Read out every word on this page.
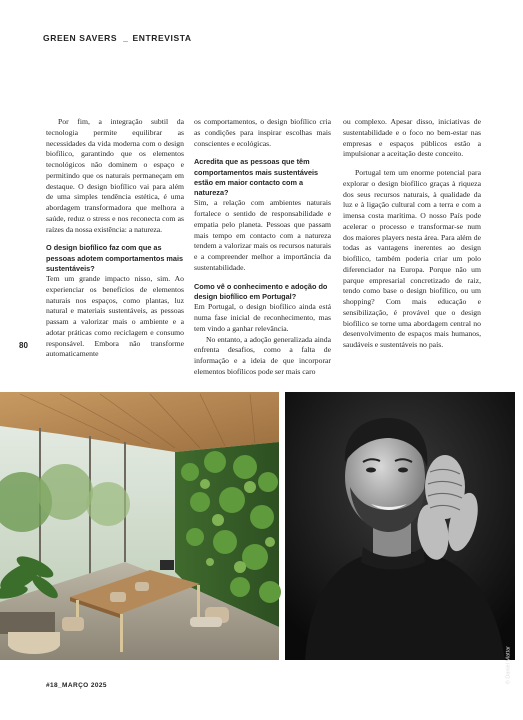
GREEN SAVERS _ ENTREVISTA
80

Por fim, a integração subtil da tecnologia permite equilibrar as necessidades da vida moderna com o design biofílico, garantindo que os elementos tecnológicos não dominem o espaço e permitindo que os naturais permaneçam em destaque. O design biofílico vai para além de uma simples tendência estética, é uma abordagem transformadora que melhora a saúde, reduz o stress e nos reconecta com as raízes da nossa existência: a natureza.

O design biofílico faz com que as pessoas adotem comportamentos mais sustentáveis?

Tem um grande impacto nisso, sim. Ao experienciar os benefícios de elementos naturais nos espaços, como plantas, luz natural e materiais sustentáveis, as pessoas passam a valorizar mais o ambiente e a adotar práticas como reciclagem e consumo responsável. Embora não transforme automaticamente

os comportamentos, o design biofílico cria as condições para inspirar escolhas mais conscientes e ecológicas.

Acredita que as pessoas que têm comportamentos mais sustentáveis estão em maior contacto com a natureza?

Sim, a relação com ambientes naturais fortalece o sentido de responsabilidade e empatia pelo planeta. Pessoas que passam mais tempo em contacto com a natureza tendem a valorizar mais os recursos naturais e a compreender melhor a importância da sustentabilidade.

Como vê o conhecimento e adoção do design biofílico em Portugal?

Em Portugal, o design biofílico ainda está numa fase inicial de reconhecimento, mas tem vindo a ganhar relevância.

No entanto, a adoção generalizada ainda enfrenta desafios, como a falta de informação e a ideia de que incorporar elementos biofílicos pode ser mais caro

ou complexo. Apesar disso, iniciativas de sustentabilidade e o foco no bem-estar nas empresas e espaços públicos estão a impulsionar a aceitação deste conceito.

Portugal tem um enorme potencial para explorar o design biofílico graças à riqueza dos seus recursos naturais, à qualidade da luz e à ligação cultural com a terra e com a imensa costa marítima. O nosso País pode acelerar o processo e transformar-se num dos maiores players nesta área. Para além de todas as vantagens inerentes ao design biofílico, também poderia criar um polo diferenciador na Europa. Porque não um parque empresarial concretizado de raiz, tendo como base o design biofílico, ou um shopping? Com mais educação e sensibilização, é provável que o design biofílico se torne uma abordagem central no desenvolvimento de espaços mais humanos, saudáveis e sustentáveis no país.

© Daniel Mattar
#18_MARÇO 2025
